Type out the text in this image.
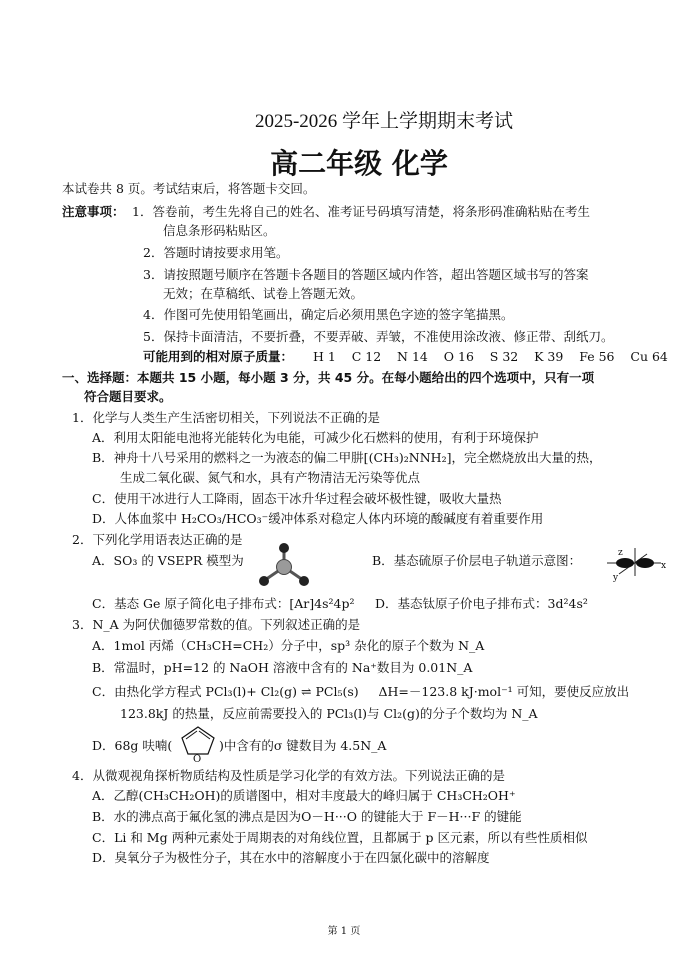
2025-2026 学年上学期期末考试
高二年级 化学
本试卷共 8 页。考试结束后，将答题卡交回。
注意事项： 1．答卷前，考生先将自己的姓名、准考证号码填写清楚，将条形码准确粘贴在考生
信息条形码粘贴区。
2．答题时请按要求用笔。
3．请按照题号顺序在答题卡各题目的答题区域内作答，超出答题区域书写的答案
无效；在草稿纸、试卷上答题无效。
4．作图可先使用铅笔画出，确定后必须用黑色字迹的签字笔描黑。
5．保持卡面清洁，不要折叠，不要弄破、弄皱，不准使用涂改液、修正带、刮纸刀。
可能用到的相对原子质量： H 1    C 12    N 14    O 16    S 32    K 39    Fe 56    Cu 64
一、选择题：本题共 15 小题，每小题 3 分，共 45 分。在每小题给出的四个选项中，只有一项
符合题目要求。
1．化学与人类生产生活密切相关，下列说法不正确的是
A．利用太阳能电池将光能转化为电能，可减少化石燃料的使用，有利于环境保护
B．神舟十八号采用的燃料之一为液态的偏二甲肼[(CH₃)₂NNH₂]，完全燃烧放出大量的热，
生成二氧化碳、氮气和水，具有产物清洁无污染等优点
C．使用干冰进行人工降雨，固态干冰升华过程会破坏极性键，吸收大量热
D．人体血浆中 H₂CO₃/HCO₃⁻缓冲体系对稳定人体内环境的酸碱度有着重要作用
2．下列化学用语表达正确的是
A．SO₃ 的 VSEPR 模型为	B．基态硫原子价层电子轨道示意图：	z
x
y
C．基态 Ge 原子简化电子排布式：[Ar]4s²4p² D．基态钛原子价电子排布式：3d²4s²
3．N_A 为阿伏伽德罗常数的值。下列叙述正确的是
A．1mol 丙烯（CH₃CH=CH₂）分子中，sp³ 杂化的原子个数为 N_A
B．常温时，pH=12 的 NaOH 溶液中含有的 Na⁺数目为 0.01N_A
C．由热化学方程式 PCl₃(l)+ Cl₂(g) ⇌ PCl₅(s)     ΔH=－123.8 kJ·mol⁻¹ 可知，要使反应放出
123.8kJ 的热量，反应前需要投入的 PCl₃(l)与 Cl₂(g)的分子个数均为 N_A
D．68g 呋喃(
O
)中含有的σ 键数目为 4.5N_A
4．从微观视角探析物质结构及性质是学习化学的有效方法。下列说法正确的是
A．乙醇(CH₃CH₂OH)的质谱图中，相对丰度最大的峰归属于 CH₃CH₂OH⁺
B．水的沸点高于氟化氢的沸点是因为O－H···O 的键能大于 F－H···F 的键能
C．Li 和 Mg 两种元素处于周期表的对角线位置，且都属于 p 区元素，所以有些性质相似
D．臭氧分子为极性分子，其在水中的溶解度小于在四氯化碳中的溶解度
第 1 页
